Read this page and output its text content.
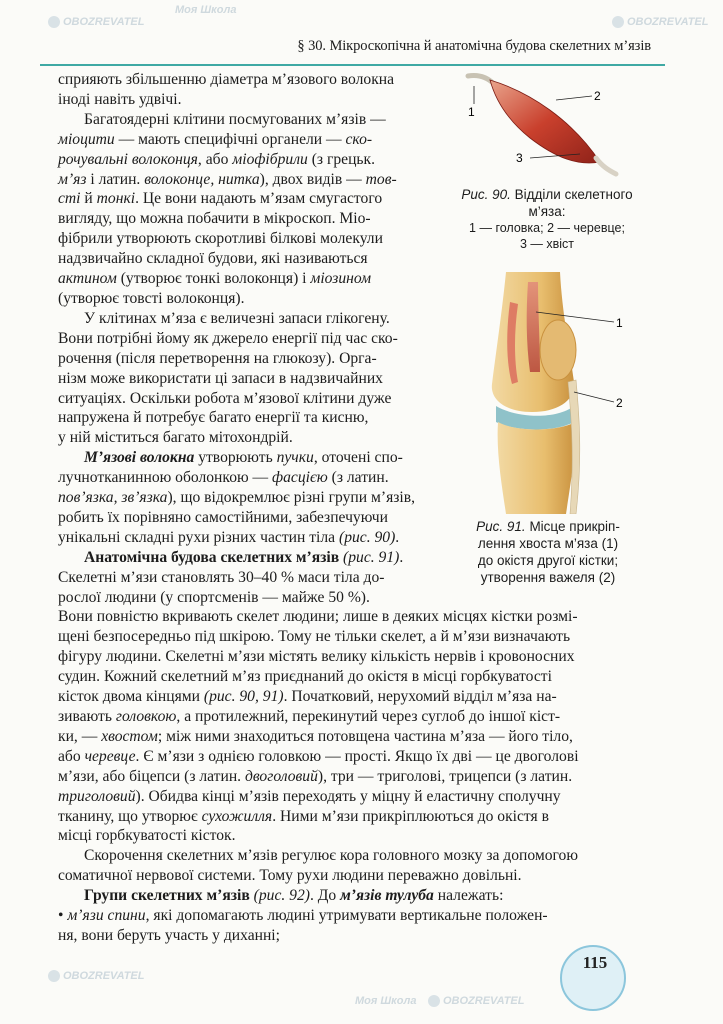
OBOZREVATEL
Моя Школа
OBOZREVATEL
OBOZREVATEL
Моя Школа	OBOZREVATEL
§ 30. Мікроскопічна й анатомічна будова скелетних м’язів
1
2
3
Рис. 90. Відділи скелетного м’яза:
1 — головка; 2 — черевце;
3 — хвіст
1
2
Рис. 91. Місце прикріп-
лення хвоста м’яза (1)
до окістя другої кістки;
утворення важеля (2)

сприяють збільшенню діаметра м’язового волокна
іноді навіть удвічі.

Багатоядерні клітини посмугованих м’язів —
міоцити — мають специфічні органели — ско-
рочувальні волоконця, або міофібрили (з грецьк.
м’яз і латин. волоконце, нитка), двох видів — тов-
сті й тонкі. Це вони надають м’язам смугастого
вигляду, що можна побачити в мікроскоп. Міо-
фібрили утворюють скоротливі білкові молекули
надзвичайно складної будови, які називаються
актином (утворює тонкі волоконця) і міозином
(утворює товсті волоконця).

У клітинах м’яза є величезні запаси глікогену.
Вони потрібні йому як джерело енергії під час ско-
рочення (після перетворення на глюкозу). Орга-
нізм може використати ці запаси в надзвичайних
ситуаціях. Оскільки робота м’язової клітини дуже
напружена й потребує багато енергії та кисню,
у ній міститься багато мітохондрій.

М’язові волокна утворюють пучки, оточені спо-
лучнотканинною оболонкою — фасцією (з латин.
пов’язка, зв’язка), що відокремлює різні групи м’язів,
робить їх порівняно самостійними, забезпечуючи
унікальні складні рухи різних частин тіла (рис. 90).

Анатомічна будова скелетних м’язів (рис. 91).
Скелетні м’язи становлять 30–40 % маси тіла до-
рослої людини (у спортсменів — майже 50 %).

Вони повністю вкривають скелет людини; лише в деяких місцях кістки розмі-
щені безпосередньо під шкірою. Тому не тільки скелет, а й м’язи визначають
фігуру людини. Скелетні м’язи містять велику кількість нервів і кровоносних
судин. Кожний скелетний м’яз приєднаний до окістя в місці горбкуватості
кісток двома кінцями (рис. 90, 91). Початковий, нерухомий відділ м’яза на-
зивають головкою, а протилежний, перекинутий через суглоб до іншої кіст-
ки, — хвостом; між ними знаходиться потовщена частина м’яза — його тіло,
або черевце. Є м’язи з однією головкою — прості. Якщо їх дві — це двоголові
м’язи, або біцепси (з латин. двоголовий), три — триголові, трицепси (з латин.
триголовий). Обидва кінці м’язів переходять у міцну й еластичну сполучну
тканину, що утворює сухожилля. Ними м’язи прикріплюються до окістя в
місці горбкуватості кісток.

Скорочення скелетних м’язів регулює кора головного мозку за допомогою
соматичної нервової системи. Тому рухи людини переважно довільні.

Групи скелетних м’язів (рис. 92). До м’язів тулуба належать:
• м’язи спини, які допомагають людині утримувати вертикальне положен-
ня, вони беруть участь у диханні;

115
